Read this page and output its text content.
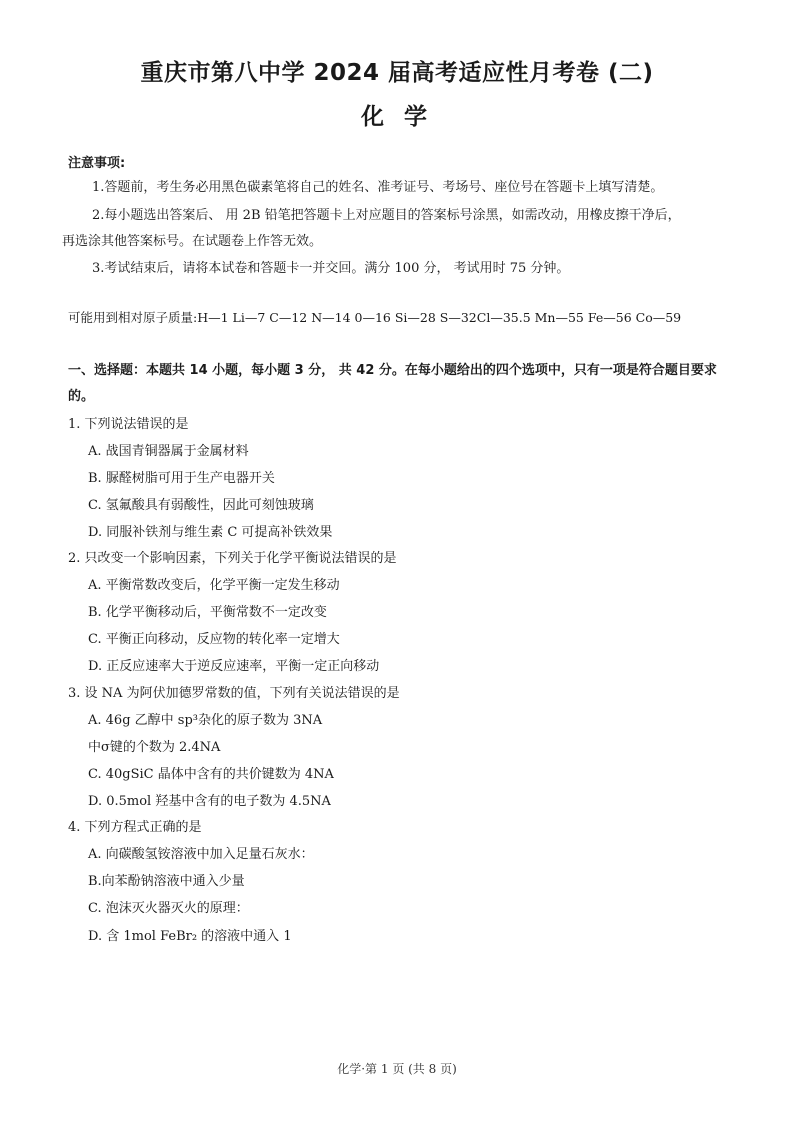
重庆市第八中学 2024 届高考适应性月考卷 (二)
化 学
注意事项:
1.答题前，考生务必用黑色碳素笔将自己的姓名、准考证号、考场号、座位号在答题卡上填写清楚。
2.每小题选出答案后、 用 2B 铅笔把答题卡上对应题目的答案标号涂黑，如需改动，用橡皮擦干净后，
再选涂其他答案标号。在试题卷上作答无效。
3.考试结束后，请将本试卷和答题卡一并交回。满分 100 分， 考试用时 75 分钟。
可能用到相对原子质量:H—1 Li—7 C—12 N—14 0—16 Si—28 S—32Cl—35.5 Mn—55 Fe—56 Co—59
一、选择题：本题共 14 小题，每小题 3 分， 共 42 分。在每小题给出的四个选项中，只有一项是符合题目要求的。
1. 下列说法错误的是
A. 战国青铜器属于金属材料
B. 脲醛树脂可用于生产电器开关
C. 氢氟酸具有弱酸性，因此可刻蚀玻璃
D. 同服补铁剂与维生素 C 可提高补铁效果
2. 只改变一个影响因素，下列关于化学平衡说法错误的是
A. 平衡常数改变后，化学平衡一定发生移动
B. 化学平衡移动后，平衡常数不一定改变
C. 平衡正向移动，反应物的转化率一定增大
D. 正反应速率大于逆反应速率，平衡一定正向移动
3. 设 NA 为阿伏加德罗常数的值，下列有关说法错误的是
A. 46g 乙醇中 sp³杂化的原子数为 3NA
中σ键的个数为 2.4NA
C. 40gSiC 晶体中含有的共价键数为 4NA
D. 0.5mol 羟基中含有的电子数为 4.5NA
4. 下列方程式正确的是
A. 向碳酸氢铵溶液中加入足量石灰水：
B.向苯酚钠溶液中通入少量
C. 泡沫灭火器灭火的原理：
D. 含 1mol FeBr₂ 的溶液中通入 1
化学·第 1 页 (共 8 页)
